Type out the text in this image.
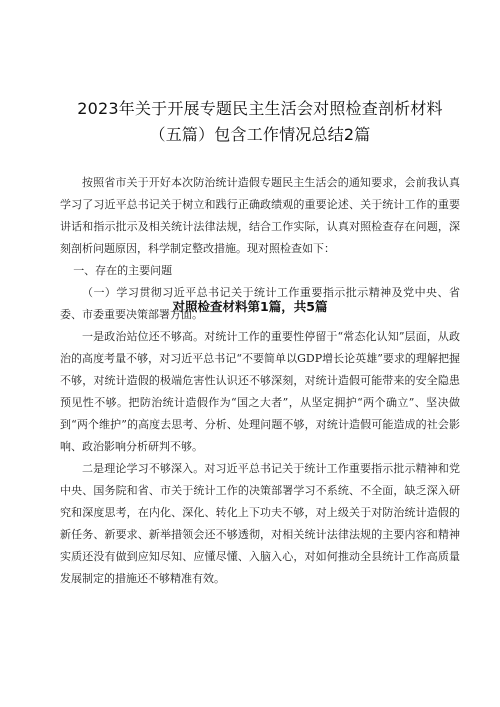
2023年关于开展专题民主生活会对照检查剖析材料
（五篇）包含工作情况总结2篇
对照检查材料第1篇，共5篇

按照省市关于开好本次防治统计造假专题民主生活会的通知要求，会前我认真学习了习近平总书记关于树立和践行正确政绩观的重要论述、关于统计工作的重要讲话和指示批示及相关统计法律法规，结合工作实际，认真对照检查存在问题，深刻剖析问题原因，科学制定整改措施。现对照检查如下：

一、存在的主要问题

（一）学习贯彻习近平总书记关于统计工作重要指示批示精神及党中央、省委、市委重要决策部署方面。

一是政治站位还不够高。对统计工作的重要性停留于“常态化认知”层面，从政治的高度考量不够，对习近平总书记“不要简单以GDP增长论英雄”要求的理解把握不够，对统计造假的极端危害性认识还不够深刻，对统计造假可能带来的安全隐患预见性不够。把防治统计造假作为“国之大者”，从坚定拥护“两个确立”、坚决做到“两个维护”的高度去思考、分析、处理问题不够，对统计造假可能造成的社会影响、政治影响分析研判不够。

二是理论学习不够深入。对习近平总书记关于统计工作重要指示批示精神和党中央、国务院和省、市关于统计工作的决策部署学习不系统、不全面，缺乏深入研究和深度思考，在内化、深化、转化上下功夫不够，对上级关于对防治统计造假的新任务、新要求、新举措领会还不够透彻，对相关统计法律法规的主要内容和精神实质还没有做到应知尽知、应懂尽懂、入脑入心，对如何推动全县统计工作高质量发展制定的措施还不够精准有效。
